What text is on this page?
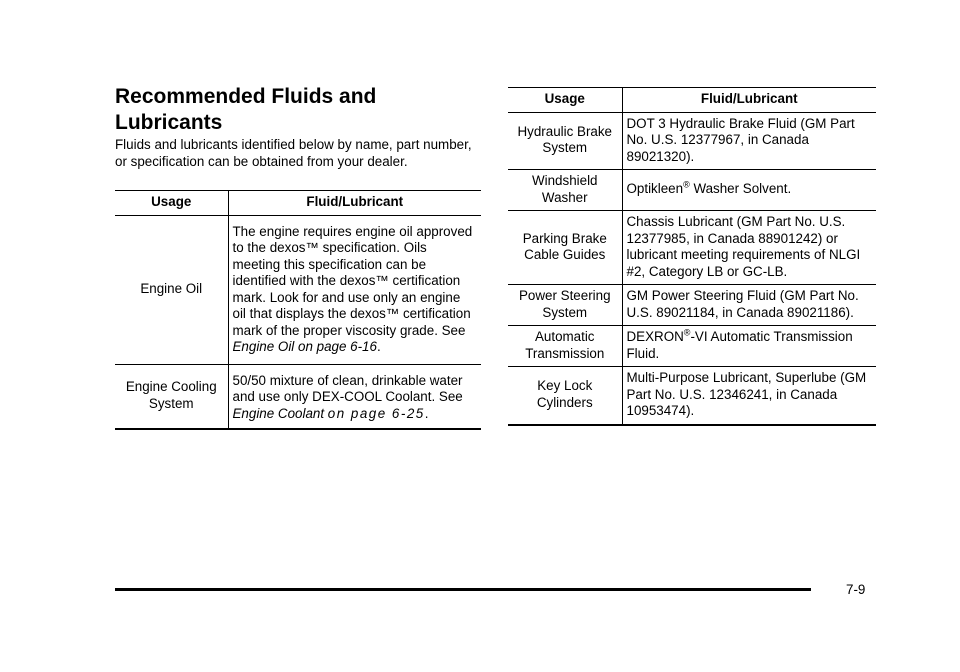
Recommended Fluids and Lubricants

Fluids and lubricants identified below by name, part number, or specification can be obtained from your dealer.

Usage	Fluid/Lubricant
Engine Oil	The engine requires engine oil approved to the dexos™ specification. Oils meeting this specification can be identified with the dexos™ certification mark. Look for and use only an engine oil that displays the dexos™ certification mark of the proper viscosity grade. See Engine Oil on page 6-16.
Engine Cooling System	50/50 mixture of clean, drinkable water and use only DEX-COOL Coolant. See Engine Coolant on page 6-25.
Usage	Fluid/Lubricant
Hydraulic Brake System	DOT 3 Hydraulic Brake Fluid (GM Part No. U.S. 12377967, in Canada 89021320).
Windshield Washer	Optikleen® Washer Solvent.
Parking Brake Cable Guides	Chassis Lubricant (GM Part No. U.S. 12377985, in Canada 88901242) or lubricant meeting requirements of NLGI #2, Category LB or GC-LB.
Power Steering System	GM Power Steering Fluid (GM Part No. U.S. 89021184, in Canada 89021186).
Automatic Transmission	DEXRON®-VI Automatic Transmission Fluid.
Key Lock Cylinders	Multi-Purpose Lubricant, Superlube (GM Part No. U.S. 12346241, in Canada 10953474).
7-9
